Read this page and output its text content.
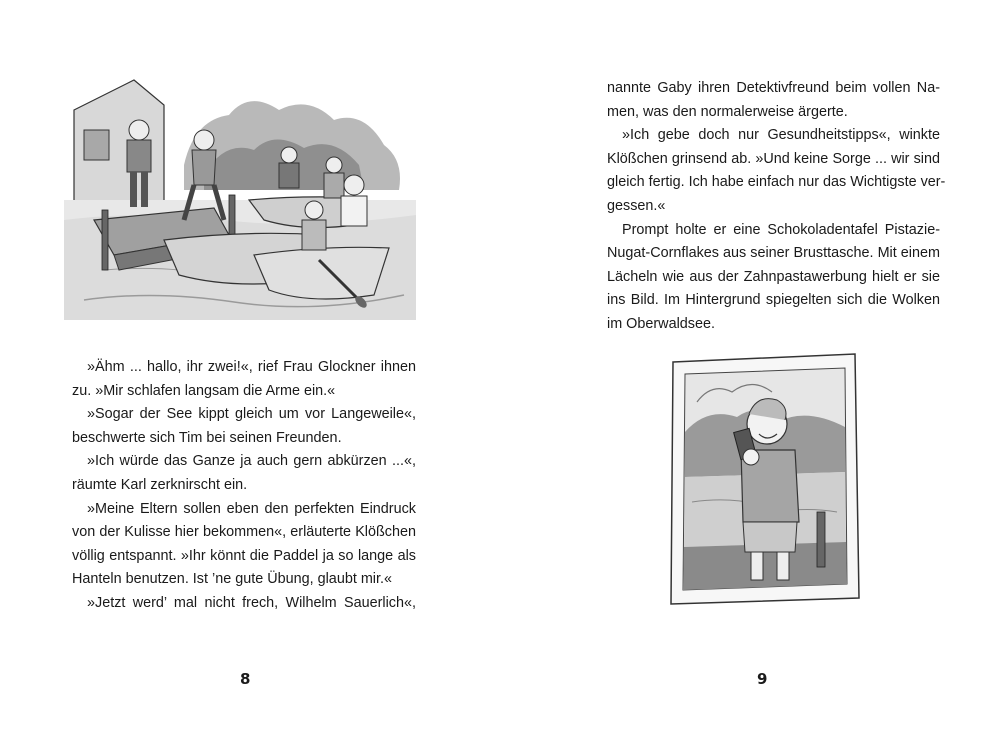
»Ähm ... hallo, ihr zwei!«, rief Frau Glockner ihnen
zu. »Mir schlafen langsam die Arme ein.«
»Sogar der See kippt gleich um vor Langeweile«,
beschwerte sich Tim bei seinen Freunden.
»Ich würde das Ganze ja auch gern abkürzen ...«,
räumte Karl zerknirscht ein.
»Meine Eltern sollen eben den perfekten Eindruck
von der Kulisse hier bekommen«, erläuterte Klößchen
völlig entspannt. »Ihr könnt die Paddel ja so lange als
Hanteln benutzen. Ist ’ne gute Übung, glaubt mir.«
»Jetzt werd’ mal nicht frech, Wilhelm Sauerlich«,
8
nannte Gaby ihren Detektivfreund beim vollen Na-
men, was den normalerweise ärgerte.
»Ich gebe doch nur Gesundheitstipps«, winkte
Klößchen grinsend ab. »Und keine Sorge ... wir sind
gleich fertig. Ich habe einfach nur das Wichtigste ver-
gessen.«
Prompt holte er eine Schokoladentafel Pistazie-
Nugat-Cornflakes aus seiner Brusttasche. Mit einem
Lächeln wie aus der Zahnpastawerbung hielt er sie
ins Bild. Im Hintergrund spiegelten sich die Wolken
im Oberwaldsee.
9
